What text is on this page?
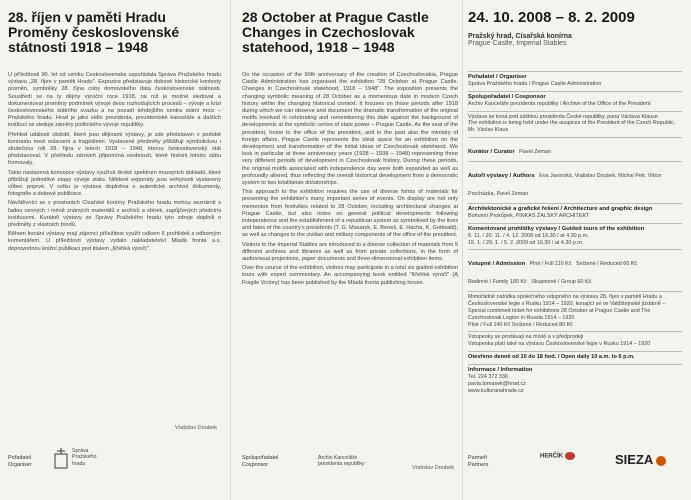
28. říjen v paměti Hradu
Proměny československé
státnosti 1918 – 1948

U příležitosti 90. let od vzniku Československa uspořádala Správa Pražského hradu výstavu „28. říjen v paměti Hradu". Expozice představuje dobové historické kontexty proměn, symboliky 28. října coby domovského data československé státnosti. Soustředí se na ty dějiny výroční roce 1918, na níž je možné sledovat a dokumentovat proměny podmínek vývoje dvou rozhodujících procesů – vývoje a krizi československého státního svazku a na pozadí tehdejšího centra státní moci – Pražského hradu. Hrad je jako sídlo prezidenta, prezidentské kanceláře a dalších institucí se sleduje záměry politického vývoje republiky.

Přehled událostí období, které jsou dějinami výstavy, je zde představen v podobě kontrastu mezi oslavami a tragédiemi. Vystavené předměty přibližují symbolickou i skutečnou roli 28. října v letech 1918 – 1948, kterou československý stát představoval. V přehledu zároveň připomíná osobnosti, které historii tohoto státu formovaly.

Takto nastavená koncepce výstavy využívá široké spektrum muzejních dokladů, které přibližují jednotlivé etapy vývoje státu. Některé exponáty jsou veřejnosti vystaveny vůbec poprvé. V celku je výstava doplněna o autentické archivní dokumenty, fotografie a dobové publikace.

Návštěvníci se v prostorách Císařské konírny Pražského hradu mohou seznámit s řadou cenných i méně známých materiálů z archivů a sbírek, zapůjčených předními institucemi. Kurátoři výstavy ze Správy Pražského hradu tyto zdroje doplnili o předměty z vlastních fondů.

Během konání výstavy mají zájemci příležitost využít celkem 6 prohlídek s odborným komentářem. U příležitosti výstavy vydalo nakladatelství Mladá fronta a.s. doprovodnou knižní publikaci pod titulem „Křehká výročí".

Vratislav Doubek
28 October at Prague Castle
Changes in Czechoslovak
statehood, 1918 – 1948

On the occasion of the 90th anniversary of the creation of Czechoslovakia, Prague Castle Administration has organised the exhibition "28 October at Prague Castle. Changes in Czechoslovak statehood, 1918 – 1948". The exposition presents the changing symbolic meaning of 28 October as a momentous date in modern Czech history within the changing historical context. It focuses on those periods after 1918 during which we can observe and document the dramatic transformation of the original motifs involved in celebrating and remembering this date against the background of developments at the symbolic centre of state power – Prague Castle. As the seat of the president, home to the office of the president, and in the past also the ministry of foreign affairs, Prague Castle represents the ideal space for an exhibition on the development and transformation of the initial ideas of Czechoslovak statehood. We look in particular at three anniversary years (1928 – 1938 – 1948) representing three very different periods of development in Czechoslovak history. During these periods, the original motifs associated with independence day were both expanded as well as profoundly altered, thus reflecting the overall historical development from a democratic system to two totalitarian dictatorships.

This approach to the exhibition requires the use of diverse forms of materials for presenting the exhibition's many important series of events. On display are not only mementos from festivities related to 28 October, including architectural changes at Prague Castle, but also notes on general political developments following independence and the establishment of a republican system as symbolised by the lives and fates of the country's presidents (T. G. Masaryk, E. Beneš, E. Hácha, K. Gottwald), as well as changes to the civilian and military components of the office of the president.

Visitors to the Imperial Stables are introduced to a diverse collection of materials from 5 different archives and libraries as well as from private collections, in the form of audiovisual projections, paper documents and three-dimensional exhibition items.

Over the course of the exhibition, visitors may participate in a total six guided exhibition tours with expert commentary. An accompanying book entitled "Křehká výročí" (A Fragile Victory) has been published by the Mladá fronta publishing house.

Vratislav Doubek
24. 10. 2008 – 8. 2. 2009
Pražský hrad, Císařská konírna
Prague Castle, Imperial Stables
Pořadatel / Organiser
Správa Pražského hradu / Prague Castle Administration
Spolupořadatel / Cosponsor
Archiv Kanceláře prezidenta republiky / Archive of the Office of the President
Výstava se koná pod záštitou prezidenta České republiky, pana Václava Klause
The exhibition is being held under the auspices of the President of the Czech Republic, Mr. Václav Klaus
Kurátor / Curator Pavel Zeman
Autoři výstavy / Authors Eva Javorská, Vratislav Doubek, Michal Petr, Viktor Procházka, Pavel Zeman
Architektonické a grafické řešení / Architecture and graphic design
Bohumír Prokůpek, PINKAS ŽALSKÝ ARCHITEKT
Komentované prohlídky výstavy / Guided tours of the exhibition
6. 11. / 20. 11. / 4. 12. 2008 od 16.30 / at 4.30 p.m.
15. 1. / 29. 1. / 5. 2. 2009 od 16.30 / at 4.30 p.m.
Vstupné / Admission Plné / Full 110 Kč Snížené / Reduced 60 Kč
Rodinné / Family 180 Kč Skupinové / Group 60 Kč
Mimořádně nabídka společného vstupného na výstavu 28. říjen v paměti Hradu a Československé legie v Rusku 1914 – 1920, konající se ve Valdštejnské jízdárně – Special combined ticket for exhibitions 28 October at Prague Castle and The Czechoslovak Legion in Russia 1914 – 1920
Plné / Full 140 Kč Snížené / Reduced 80 Kč
Vstupenky se prodávají na místě a v předprodeji
Vstupenka platí také na výstavu Československé legie v Rusku 1914 – 1920
Otevřeno denně od 10 do 18 hod. / Open daily 10 a.m. to 6 p.m.
Informace / Information
Tel. 224 372 336
pavla.tomasek@hrad.cz
www.kulturanahrade.cz
Pořadatel
Organiser
Správa
Pražského
hradu
Spolupořadatel
Cosponsor
Archiv Kanceláře
prezidenta republiky
Partneři
Partners
HERČÍK	SIEZA
